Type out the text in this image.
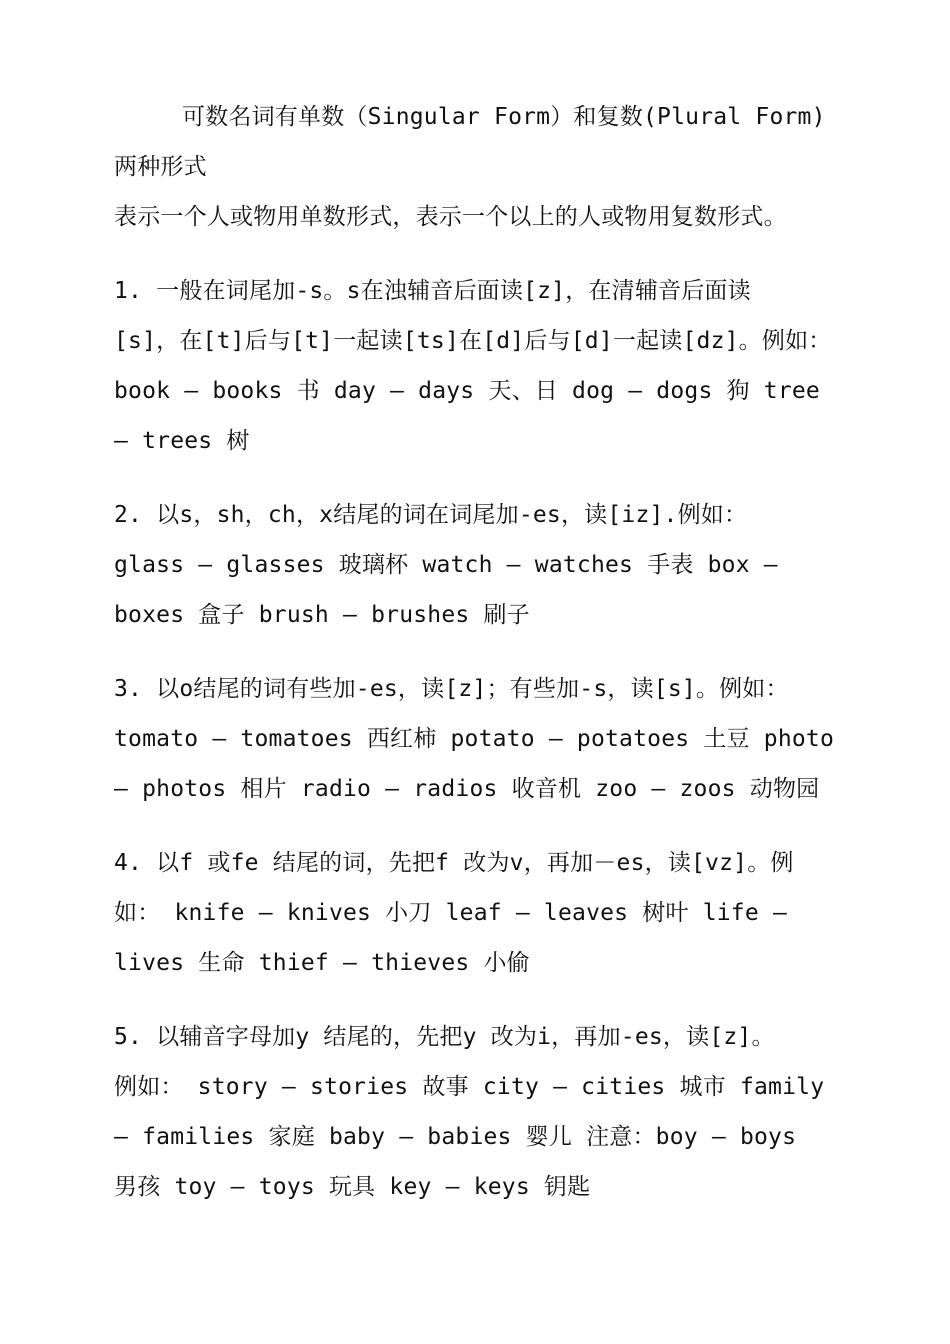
可数名词有单数（Singular Form）和复数(Plural Form)
两种形式
表示一个人或物用单数形式，表示一个以上的人或物用复数形式。
1. 一般在词尾加-s。s在浊辅音后面读[z]，在清辅音后面读
[s]，在[t]后与[t]一起读[ts]在[d]后与[d]一起读[dz]。例如：
book — books 书 day — days 天、日 dog — dogs 狗 tree
— trees 树
2. 以s，sh，ch，x结尾的词在词尾加-es，读[iz].例如：
glass — glasses 玻璃杯 watch — watches 手表 box —
boxes 盒子 brush — brushes 刷子
3. 以o结尾的词有些加-es，读[z]；有些加-s，读[s]。例如：
tomato — tomatoes 西红柿 potato — potatoes 土豆 photo
— photos 相片 radio — radios 收音机 zoo — zoos 动物园
4. 以f 或fe 结尾的词，先把f 改为v，再加－es，读[vz]。例
如： knife — knives 小刀 leaf — leaves 树叶 life —
lives 生命 thief — thieves 小偷
5. 以辅音字母加y 结尾的，先把y 改为i，再加-es，读[z]。
例如： story — stories 故事 city — cities 城市 family
— families 家庭 baby — babies 婴儿 注意：boy — boys
男孩 toy — toys 玩具 key — keys 钥匙
